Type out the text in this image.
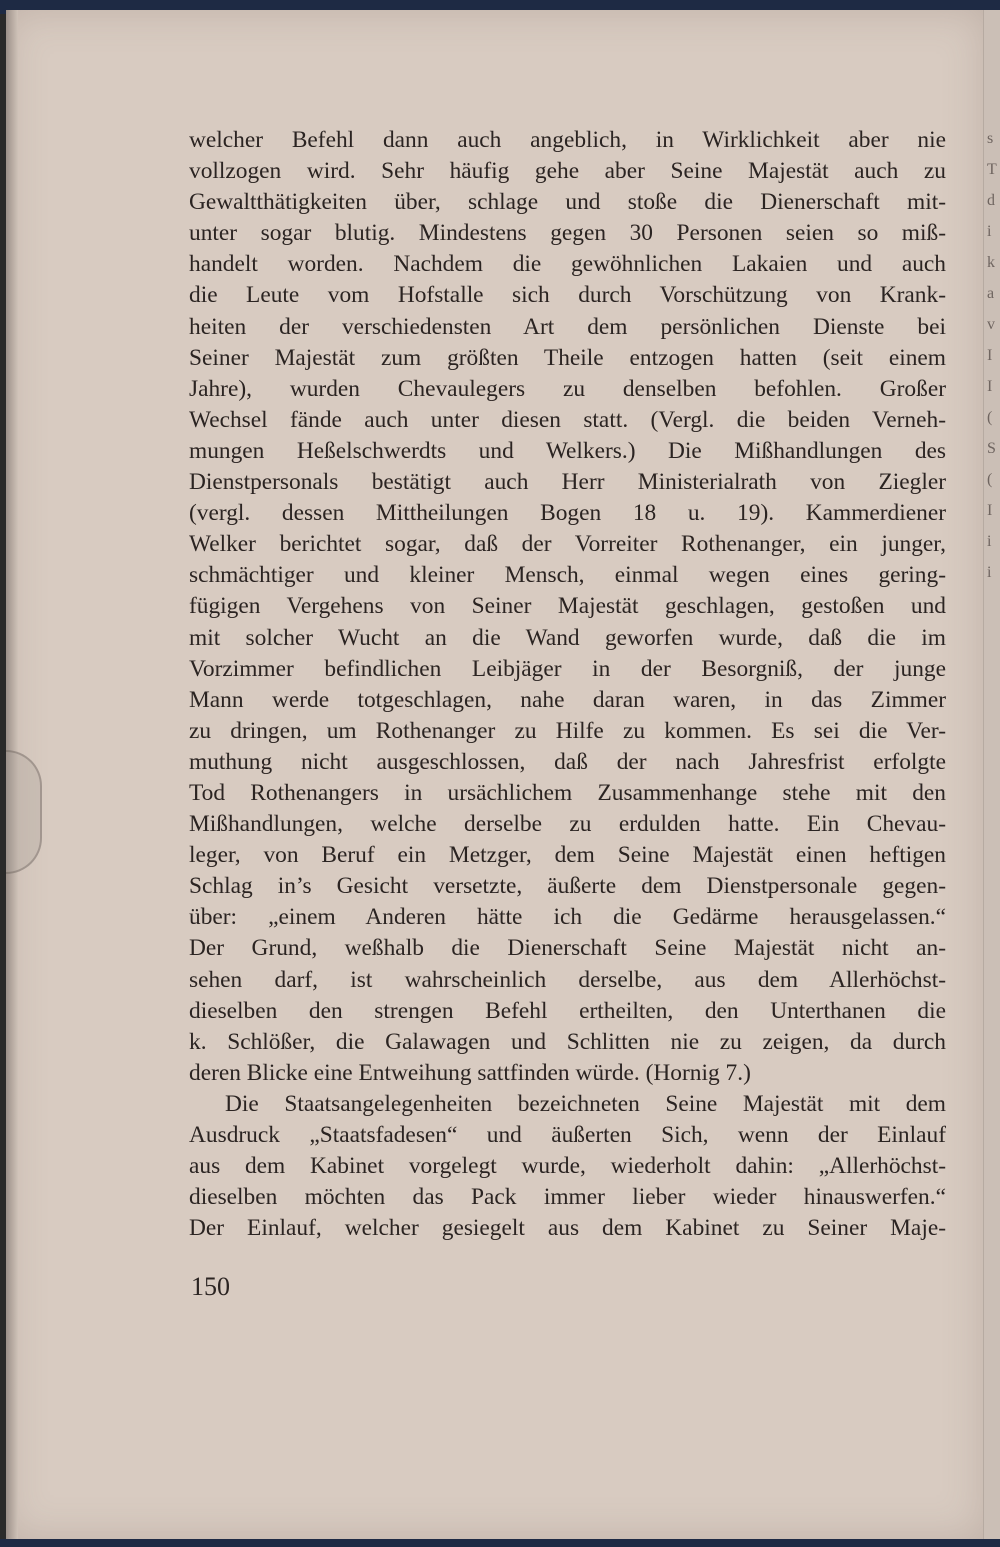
welcher Befehl dann auch angeblich, in Wirklichkeit aber nie
vollzogen wird. Sehr häufig gehe aber Seine Majestät auch zu
Gewaltthätigkeiten über, schlage und stoße die Dienerschaft mit-
unter sogar blutig. Mindestens gegen 30 Personen seien so miß-
handelt worden. Nachdem die gewöhnlichen Lakaien und auch
die Leute vom Hofstalle sich durch Vorschützung von Krank-
heiten der verschiedensten Art dem persönlichen Dienste bei
Seiner Majestät zum größten Theile entzogen hatten (seit einem
Jahre), wurden Chevaulegers zu denselben befohlen. Großer
Wechsel fände auch unter diesen statt. (Vergl. die beiden Verneh-
mungen Heßelschwerdts und Welkers.) Die Mißhandlungen des
Dienstpersonals bestätigt auch Herr Ministerialrath von Ziegler
(vergl. dessen Mittheilungen Bogen 18 u. 19). Kammerdiener
Welker berichtet sogar, daß der Vorreiter Rothenanger, ein junger,
schmächtiger und kleiner Mensch, einmal wegen eines gering-
fügigen Vergehens von Seiner Majestät geschlagen, gestoßen und
mit solcher Wucht an die Wand geworfen wurde, daß die im
Vorzimmer befindlichen Leibjäger in der Besorgniß, der junge
Mann werde totgeschlagen, nahe daran waren, in das Zimmer
zu dringen, um Rothenanger zu Hilfe zu kommen. Es sei die Ver-
muthung nicht ausgeschlossen, daß der nach Jahresfrist erfolgte
Tod Rothenangers in ursächlichem Zusammenhange stehe mit den
Mißhandlungen, welche derselbe zu erdulden hatte. Ein Chevau-
leger, von Beruf ein Metzger, dem Seine Majestät einen heftigen
Schlag in’s Gesicht versetzte, äußerte dem Dienstpersonale gegen-
über: „einem Anderen hätte ich die Gedärme herausgelassen.“
Der Grund, weßhalb die Dienerschaft Seine Majestät nicht an-
sehen darf, ist wahrscheinlich derselbe, aus dem Allerhöchst-
dieselben den strengen Befehl ertheilten, den Unterthanen die
k. Schlößer, die Galawagen und Schlitten nie zu zeigen, da durch
deren Blicke eine Entweihung sattfinden würde. (Hornig 7.)
Die Staatsangelegenheiten bezeichneten Seine Majestät mit dem
Ausdruck „Staatsfadesen“ und äußerten Sich, wenn der Einlauf
aus dem Kabinet vorgelegt wurde, wiederholt dahin: „Allerhöchst-
dieselben möchten das Pack immer lieber wieder hinauswerfen.“
Der Einlauf, welcher gesiegelt aus dem Kabinet zu Seiner Maje-
150
s
T
d
i
k
a
v
I
I
(
S
(
I
i
i
